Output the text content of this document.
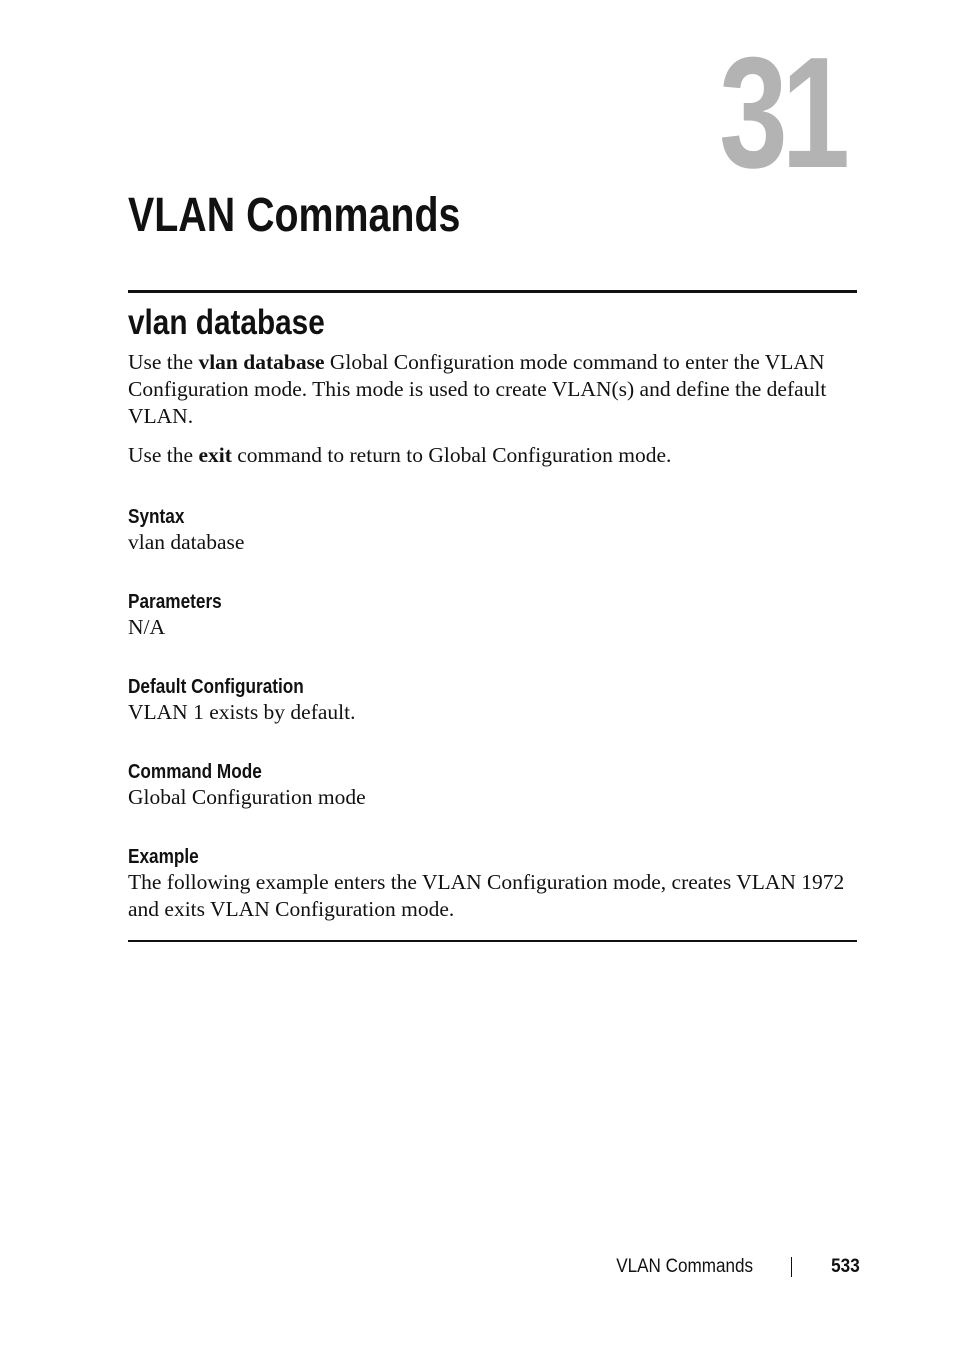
31
VLAN Commands
vlan database

Use the vlan database Global Configuration mode command to enter the VLAN Configuration mode. This mode is used to create VLAN(s) and define the default VLAN.

Use the exit command to return to Global Configuration mode.

Syntax

vlan database

Parameters

N/A

Default Configuration

VLAN 1 exists by default.

Command Mode

Global Configuration mode

Example

The following example enters the VLAN Configuration mode, creates VLAN 1972 and exits VLAN Configuration mode.

VLAN Commands	533
